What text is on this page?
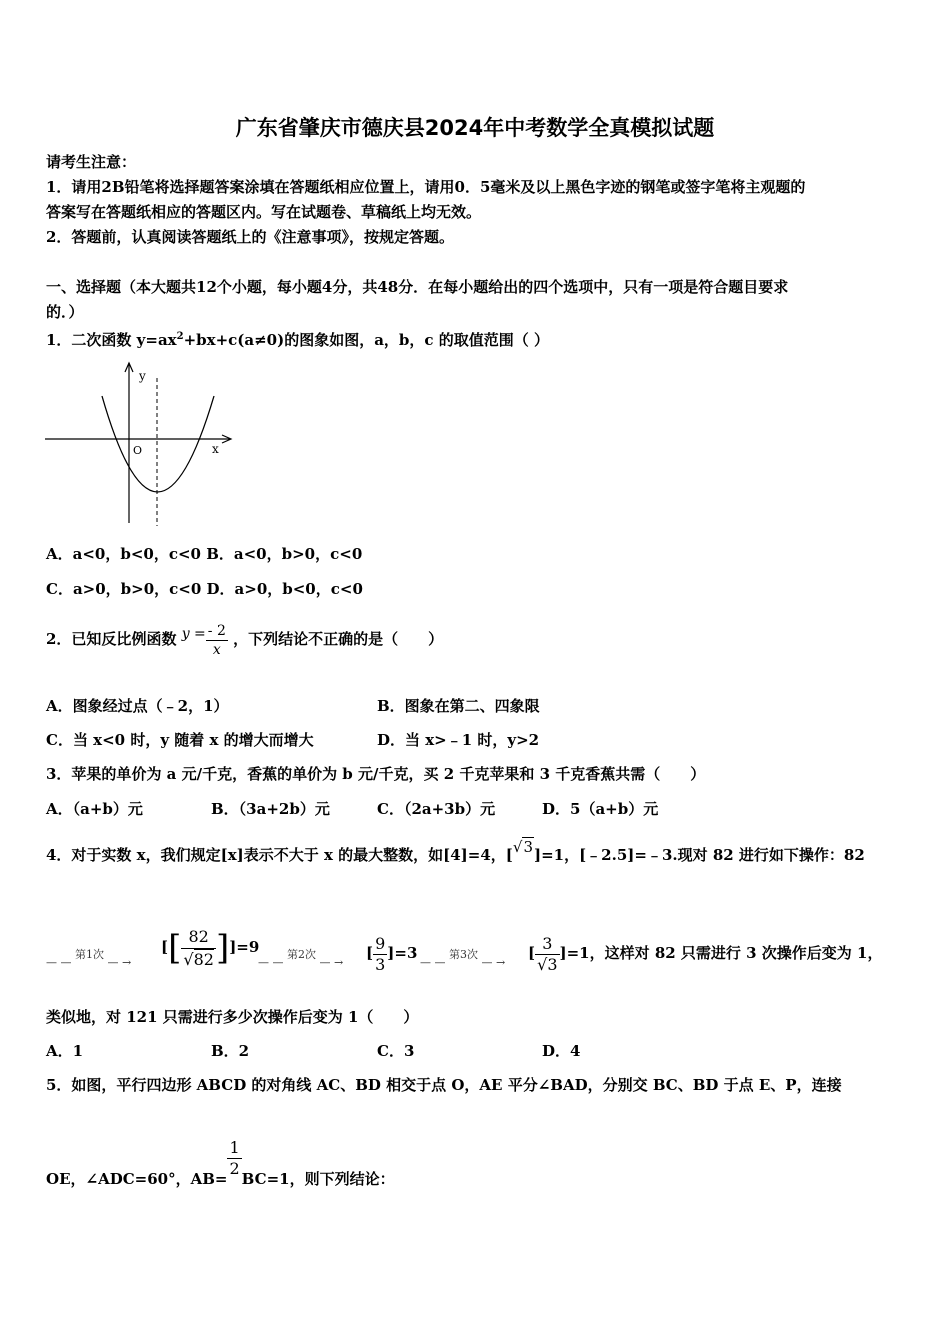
广东省肇庆市德庆县2024年中考数学全真模拟试题
请考生注意：
1．请用2B铅笔将选择题答案涂填在答题纸相应位置上，请用0．5毫米及以上黑色字迹的钢笔或签字笔将主观题的
答案写在答题纸相应的答题区内。写在试题卷、草稿纸上均无效。
2．答题前，认真阅读答题纸上的《注意事项》，按规定答题。
一、选择题（本大题共12个小题，每小题4分，共48分．在每小题给出的四个选项中，只有一项是符合题目要求
的．）
1．二次函数 $y=ax^2+bx+c(a\ne 0)$的图象如图，a，b，c 的取值范围（ ）
y
x
O
A．a<0，b<0，c<0 B．a<0，b>0，c<0
C．a>0，b>0，c<0 D．a>0，b<0，c<0
2．已知反比例函数 $y = \frac{- 2}{x}$ ，下列结论不正确的是（　　）
A．图象经过点（﹣2，1）	B．图象在第二、四象限
C．当 x<0 时，y 随着 x 的增大而增大	D．当 x>﹣1 时，y>2
3．苹果的单价为 a 元/千克，香蕉的单价为 b 元/千克，买 2 千克苹果和 3 千克香蕉共需（　　）
A．（a+b）元	B．（3a+2b）元	C．（2a+3b）元	D．5（a+b）元
4．对于实数 x，我们规定[x]表示不大于 x 的最大整数，如[4]=4，[√3]=1，[﹣2.5]=﹣3.现对 82 进行如下操作：82
— — 第1次 — →
[[ $\frac{82}{√82} ]]=9$
— — 第2次 — →
[ $\frac{9}{3} ]=3$
— — 第3次 — →
[ $\frac{3}{√3} ]=1$，这样对 82 只需进行 3 次操作后变为 1，
类似地，对 121 只需进行多少次操作后变为 1（　　）
A．1	B．2	C．3	D．4
5．如图，平行四边形 ABCD 的对角线 AC、BD 相交于点 O，AE 平分∠BAD，分别交 BC、BD 于点 E、P，连接
OE，∠ADC=60°，$AB= \frac{1}{2} BC=1$，则下列结论：
